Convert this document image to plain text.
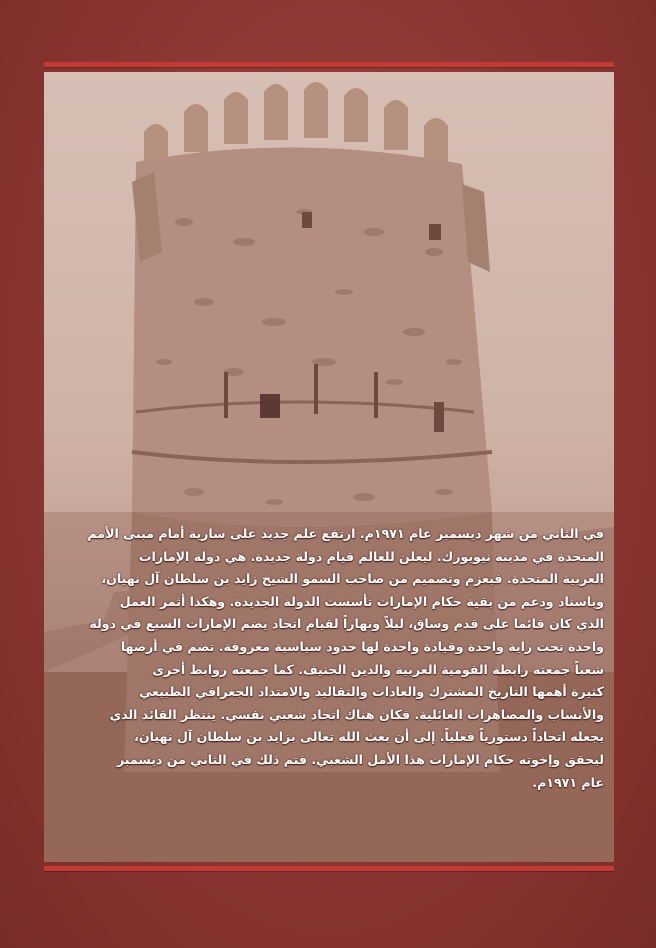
في الثاني من شهر ديسمبر عام ١٩٧١م. ارتفع علم جديد على سارية أمام مبنى الأمم

المتحدة في مدينة نيويورك. ليعلن للعالم قيام دولة جديدة. هي دولة الإمارات

العربية المتحدة. فبعزم وتصميم من صاحب السمو الشيخ زايد بن سلطان آل نهيان،

وباسناد ودعم من بقية حكام الإمارات تأسست الدولة الجديدة. وهكذا أثمر العمل

الذي كان قائما على قدم وساق، ليلاً ونهاراً لقيام اتحاد يضم الإمارات السبع في دولة

واحدة تحت راية واحدة وقيادة واحدة لها حدود سياسية معروفة. تضم في أرضها

شعباً جمعته رابطة القومية العربية والدين الحنيف. كما جمعته روابط أخرى

كثيرة أهمها التاريخ المشترك والعادات والتقاليد والامتداد الجغرافي الطبيعي

والأنساب والمصاهرات العائلية. فكان هناك اتحاد شعبي نفسي. ينتظر القائد الذي

يجعله اتحاداً دستورياً فعلياً. إلى أن بعث الله تعالى بزايد بن سلطان آل نهيان،

ليحقق وإخوته حكام الإمارات هذا الأمل الشعبي. فتم ذلك في الثاني من ديسمبر

عام ١٩٧١م.
